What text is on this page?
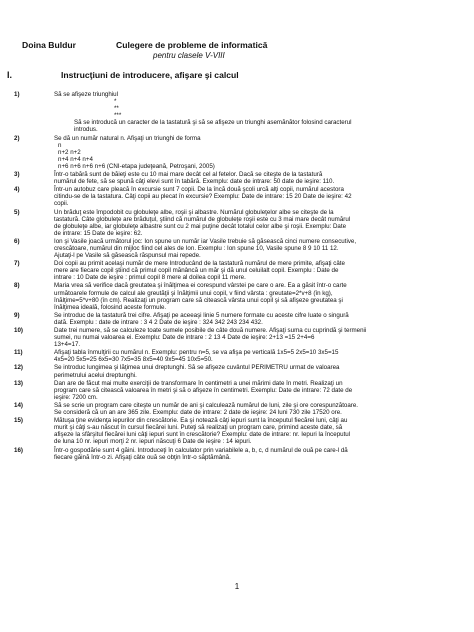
Doina Buldur	Culegere de probleme de informatică
pentru clasele V-VIII
I.	Instrucţiuni de introducere, afişare şi calcul
1)	Să se afişeze triunghiul
*
**
***
Să se introducă un caracter de la tastatură şi să se afişeze un triunghi asemănător folosind caracterul
introdus.
2)	Se dă un număr natural n. Afişaţi un triunghi de forma
n
n+2 n+2
n+4 n+4 n+4
n+6 n+6 n+6 n+6 (CNI-etapa judeţeană, Petroşani, 2005)
3)	Într-o tabără sunt de băieţi este cu 10 mai mare decât cel al fetelor. Dacă se citeşte de la tastatură
numărul de fete, să se spună câţi elevi sunt în tabără. Exemplu: date de intrare: 50 date de ieşire: 110.
4)	Într-un autobuz care pleacă în excursie sunt 7 copii. De la încă două şcoli urcă alţi copii, numărul acestora
citindu-se de la tastatura. Câţi copii au plecat în excursie? Exemplu: Date de intrare: 15 20 Date de ieşire: 42
copii.
5)	Un brăduţ este împodobit cu globuleţe albe, roşii şi albastre. Numărul globuleţelor albe se citeşte de la
tastatură. Câte globuleţe are brăduţul, ştiind că numărul de globuleţe roşii este cu 3 mai mare decât numărul
de globuleţe albe, iar globuleţe albastre sunt cu 2 mai puţine decât totalul celor albe şi roşii. Exemplu: Date
de intrare: 15 Date de ieşire: 62.
6)	Ion şi Vasile joacă următorul joc: Ion spune un număr iar Vasile trebuie să găsească cinci numere consecutive,
crescătoare, numărul din mijloc fiind cel ales de Ion. Exemplu : Ion spune 10, Vasile spune 8 9 10 11 12.
Ajutaţi-l pe Vasile să găsească răspunsul mai repede.
7)	Doi copii au primit acelaşi număr de mere Introducând de la tastatură numărul de mere primite, afişaţi câte
mere are fiecare copil ştiind că primul copil mănâncă un măr şi dă unul celuilalt copil. Exemplu : Date de
intrare : 10 Date de ieşire : primul copil 8 mere al doilea copil 11 mere.
8)	Maria vrea să verifice dacă greutatea şi înălţimea ei corespund vârstei pe care o are. Ea a găsit într-o carte
următoarele formule de calcul ale greutăţii şi înălţimii unui copil, v fiind vârsta : greutate=2*v+8 (în kg),
înălţime=5*v+80 (în cm). Realizaţi un program care să citească vârsta unui copil şi să afişeze greutatea şi
înălţimea ideală, folosind aceste formule.
9)	Se introduc de la tastatură trei cifre. Afişaţi pe aceeaşi linie 5 numere formate cu aceste cifre luate o singură
dată. Exemplu : date de intrare : 3 4 2 Date de ieşire : 324 342 243 234 432.
10)	Date trei numere, să se calculeze toate sumele posibile de câte două numere. Afişaţi suma cu cuprindă şi termenii
sumei, nu numai valoarea ei. Exemplu: Date de intrare : 2 13 4 Date de ieşire: 2+13 =15 2+4=6
13+4=17.
11)	Afişaţi tabla înmulţirii cu numărul n. Exemplu: pentru n=5, se va afişa pe verticală 1x5=5 2x5=10 3x5=15
4x5=20 5x5=25 6x5=30 7x5=35 8x5=40 9x5=45 10x5=50.
12)	Se introduc lungimea şi lăţimea unui dreptunghi. Să se afişeze cuvântul PERIMETRU urmat de valoarea
perimetrului acelui dreptunghi.
13)	Dan are de făcut mai multe exerciţii de transformare în centimetri a unei mărimi date în metri. Realizaţi un
program care să citească valoarea în metri şi să o afişeze în centimetri. Exemplu: Date de intrare: 72 date de
ieşire: 7200 cm.
14)	Să se scrie un program care citeşte un număr de ani şi calculează numărul de luni, zile şi ore corespunzătoare.
Se consideră că un an are 365 zile. Exemplu: date de intrare: 2 date de ieşire: 24 luni 730 zile 17520 ore.
15)	Mătuşa ţine evidenţa iepurilor din crescătorie. Ea şi notează câţi iepuri sunt la începutul fiecărei luni, câţi au
murit şi câţi s-au născut în cursul fiecărei luni. Puteţi să realizaţi un program care, primind aceste date, să
afişeze la sfârşitul fiecărei luni câţi iepuri sunt în crescătorie? Exemplu: date de intrare: nr. Iepuri la începutul
de luna 10 nr. iepuri morţi 2 nr. iepuri născuţi 6 Date de ieşire : 14 iepuri.
16)	Într-o gospodărie sunt 4 găini. Introduceţi în calculator prin variabilele a, b, c, d numărul de ouă pe care-l dă
fiecare găină într-o zi. Afişaţi câte ouă se obţin într-o săptămână.
1
